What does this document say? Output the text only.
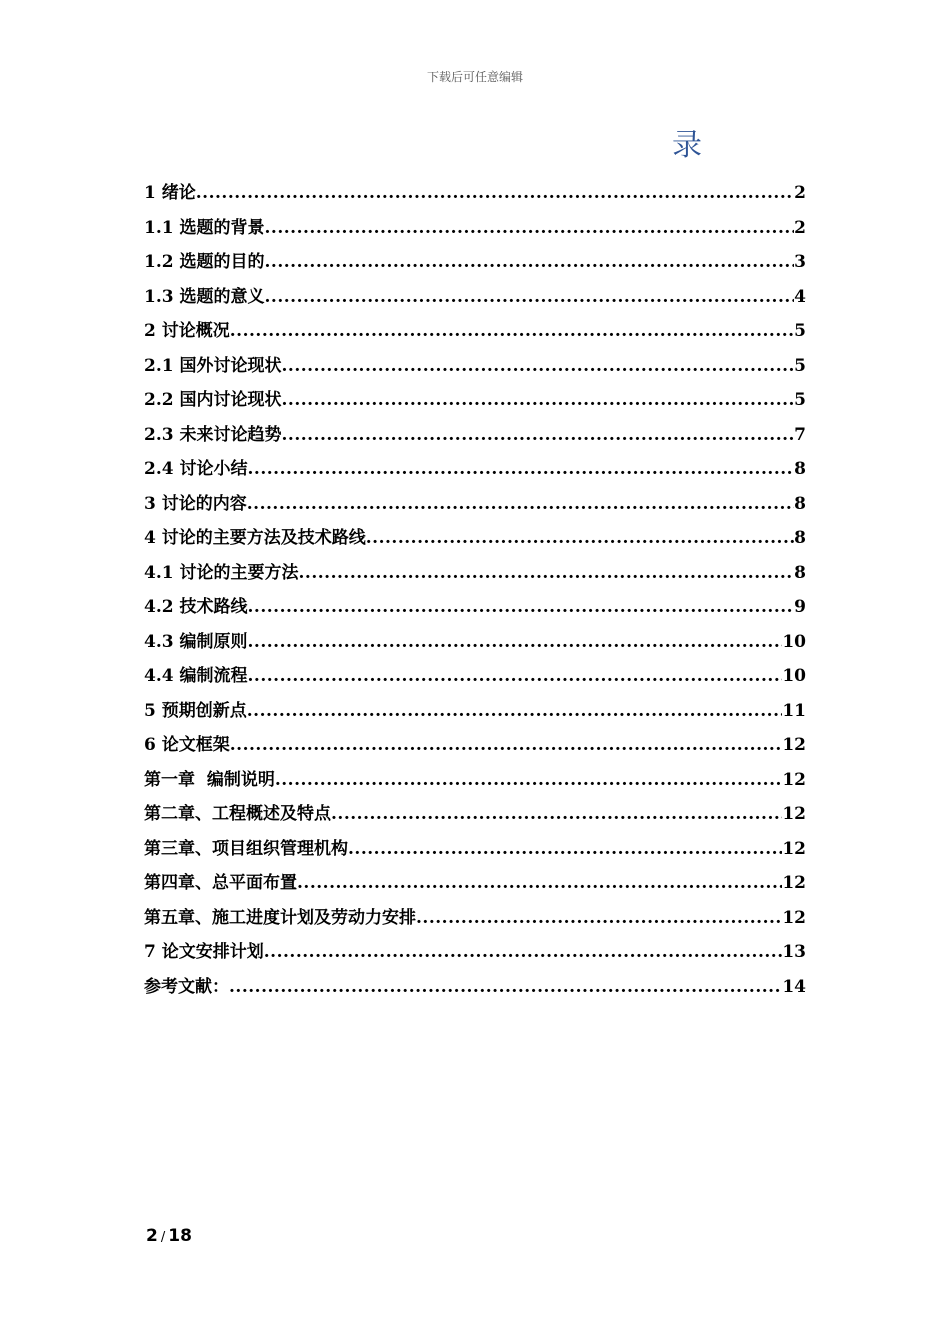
下载后可任意编辑
录
1 绪论 .....	2
1.1 选题的背景 .....	2
1.2 选题的目的 .....	3
1.3 选题的意义 .....	4
2 讨论概况 .....	5
2.1 国外讨论现状 .....	5
2.2 国内讨论现状 .....	5
2.3 未来讨论趋势 .....	7
2.4 讨论小结 .....	8
3 讨论的内容 .....	8
4 讨论的主要方法及技术路线 .....	8
4.1 讨论的主要方法 .....	8
4.2 技术路线 .....	9
4.3 编制原则 .....	10
4.4 编制流程 .....	10
5 预期创新点 .....	11
6 论文框架 .....	12
第一章  编制说明 .....	12
第二章、工程概述及特点 .....	12
第三章、项目组织管理机构 .....	12
第四章、总平面布置 .....	12
第五章、施工进度计划及劳动力安排 .....	12
7 论文安排计划 .....	13
参考文献： .....	14
2 / 18
